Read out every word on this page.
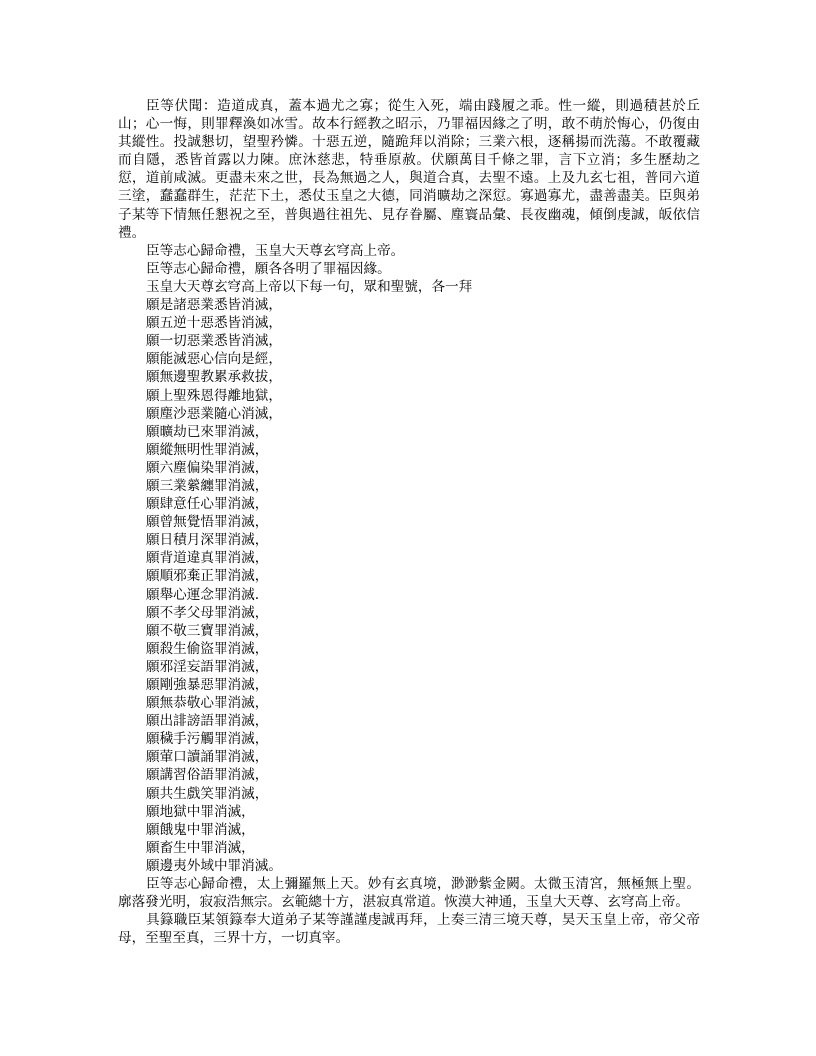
臣等伏聞：造道成真，蓋本過尤之寡；從生入死，端由踐履之乖。性一縱，則過積甚於丘山；心一悔，則罪釋渙如冰雪。故本行經教之昭示，乃罪福因緣之了明，敢不萌於悔心，仍復由其縱性。投誠懇切，望聖矜憐。十惡五逆，隨跪拜以消除；三業六根，逐稱揚而洗蕩。不敢覆藏而自隱，悉皆首露以力陳。庶沐慈悲，特垂原赦。伏願萬目千條之罪，言下立消；多生歷劫之愆，道前咸滅。更盡未來之世，長為無過之人，與道合真，去聖不遠。上及九玄七祖，普同六道三塗，蠢蠢群生，茫茫下土，悉仗玉皇之大德，同消曠劫之深愆。寡過寡尤，盡善盡美。臣與弟子某等下情無任懇祝之至，普與過往祖先、見存眷屬、塵寰品彙、長夜幽魂，傾倒虔誠，皈依信禮。

臣等志心歸命禮，玉皇大天尊玄穹高上帝。

臣等志心歸命禮，願各各明了罪福因緣。

玉皇大天尊玄穹高上帝以下每一句，眾和聖號，各一拜

願是諸惡業悉皆消滅，
願五逆十惡悉皆消滅，
願一切惡業悉皆消滅，
願能滅惡心信向是經，
願無邊聖教累承救拔，
願上聖殊恩得離地獄，
願塵沙惡業隨心消滅，
願曠劫已來罪消滅，
願縱無明性罪消滅，
願六塵偏染罪消滅，
願三業縈纏罪消滅，
願肆意任心罪消滅，
願曾無覺悟罪消滅，
願日積月深罪消滅，
願背道違真罪消滅，
願順邪棄正罪消滅，
願舉心運念罪消滅.
願不孝父母罪消滅，
願不敬三寶罪消滅，
願殺生偷盜罪消滅，
願邪淫妄語罪消滅，
願剛強暴惡罪消滅，
願無恭敬心罪消滅，
願出誹謗語罪消滅，
願穢手污觸罪消滅，
願葷口讀誦罪消滅，
願講習俗語罪消滅，
願共生戲笑罪消滅，
願地獄中罪消滅，
願餓鬼中罪消滅，
願畜生中罪消滅，
願邊夷外域中罪消滅。

臣等志心歸命禮，太上彌羅無上天。妙有玄真境，渺渺紫金闕。太微玉清宮，無極無上聖。廓落發光明，寂寂浩無宗。玄範總十方，湛寂真常道。恢漠大神通，玉皇大天尊、玄穹高上帝。

具籙職臣某領籙奉大道弟子某等謹謹虔誠再拜，上奏三清三境天尊，昊天玉皇上帝，帝父帝母，至聖至真，三界十方，一切真宰。
